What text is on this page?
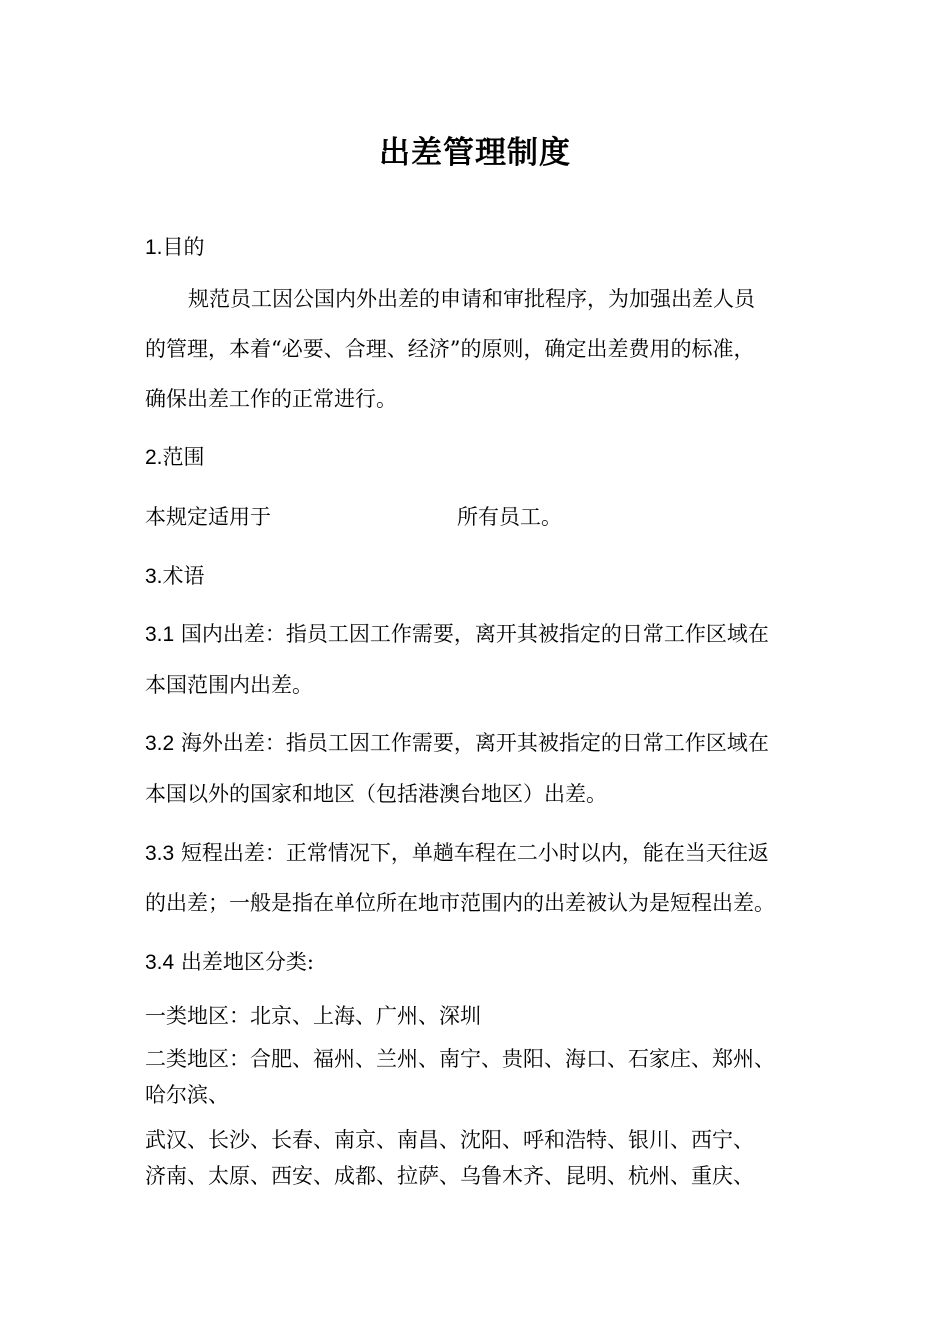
出差管理制度
1.目的
规范员工因公国内外出差的申请和审批程序，为加强出差人员
的管理，本着“必要、合理、经济”的原则，确定出差费用的标准，
确保出差工作的正常进行。
2.范围
本规定适用于	所有员工。
3.术语
3.1 国内出差：指员工因工作需要，离开其被指定的日常工作区域在
本国范围内出差。
3.2 海外出差：指员工因工作需要，离开其被指定的日常工作区域在
本国以外的国家和地区（包括港澳台地区）出差。
3.3 短程出差：正常情况下，单趟车程在二小时以内，能在当天往返
的出差；一般是指在单位所在地市范围内的出差被认为是短程出差。
3.4 出差地区分类:
一类地区：北京、上海、广州、深圳
二类地区：合肥、福州、兰州、南宁、贵阳、海口、石家庄、郑州、
哈尔滨、
武汉、长沙、长春、南京、南昌、沈阳、呼和浩特、银川、西宁、
济南、太原、西安、成都、拉萨、乌鲁木齐、昆明、杭州、重庆、
